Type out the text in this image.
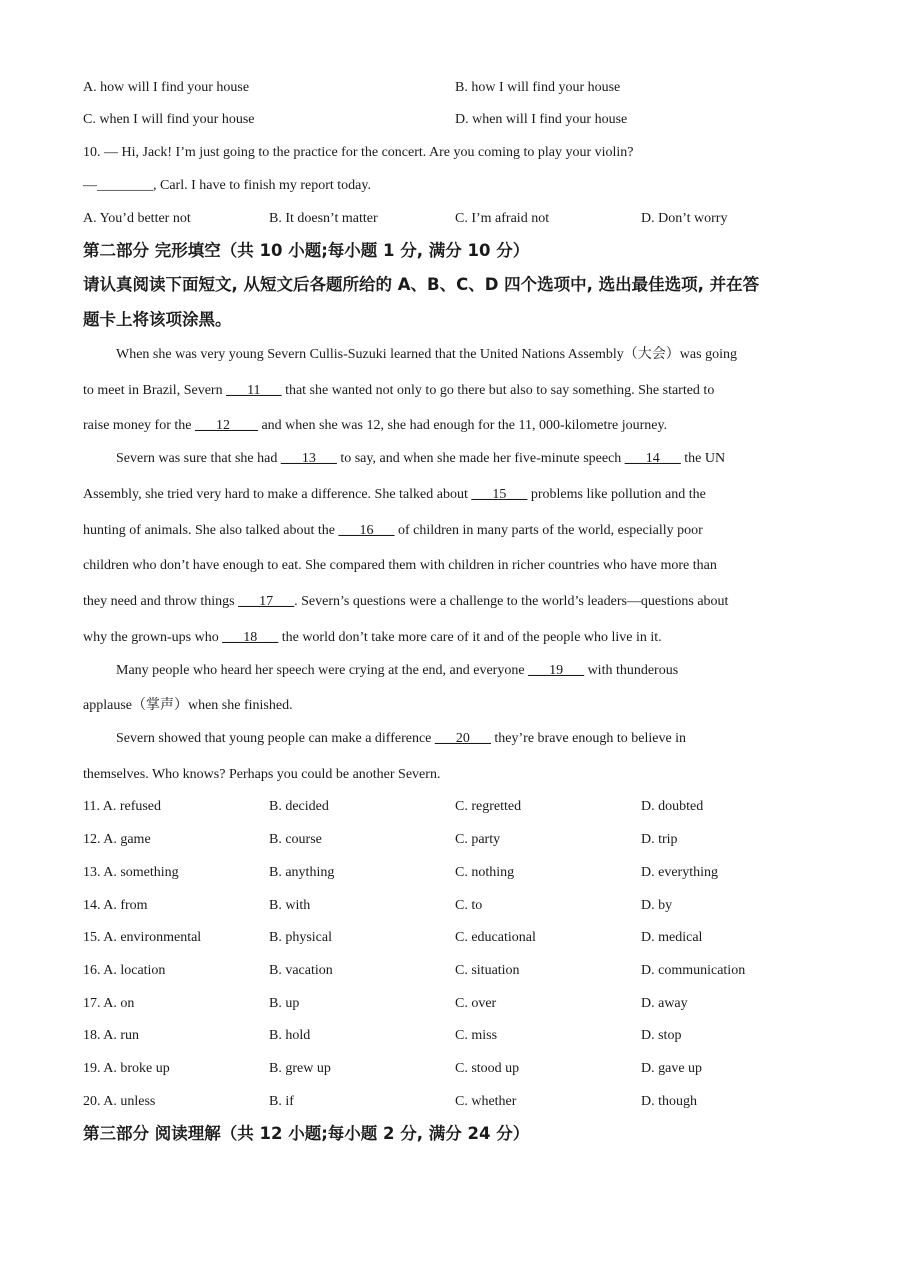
A. how will I find your house	B. how I will find your house
C. when I will find your house	D. when will I find your house
10. — Hi, Jack! I’m just going to the practice for the concert. Are you coming to play your violin?
—________, Carl. I have to finish my report today.
A. You’d better not	B. It doesn’t matter	C. I’m afraid not	D. Don’t worry
第二部分 完形填空（共 10 小题;每小题 1 分, 满分 10 分）
请认真阅读下面短文, 从短文后各题所给的 A、B、C、D 四个选项中, 选出最佳选项, 并在答
题卡上将该项涂黑。
When she was very young Severn Cullis-Suzuki learned that the United Nations Assembly（大会）was going
to meet in Brazil, Severn ___11___ that she wanted not only to go there but also to say something. She started to
raise money for the ___12____ and when she was 12, she had enough for the 11, 000-kilometre journey.
Severn was sure that she had ___13___ to say, and when she made her five-minute speech ___14___ the UN
Assembly, she tried very hard to make a difference. She talked about ___15___ problems like pollution and the
hunting of animals. She also talked about the ___16___ of children in many parts of the world, especially poor
children who don’t have enough to eat. She compared them with children in richer countries who have more than
they need and throw things ___17___. Severn’s questions were a challenge to the world’s leaders—questions about
why the grown-ups who ___18___ the world don’t take more care of it and of the people who live in it.
Many people who heard her speech were crying at the end, and everyone ___19___ with thunderous
applause（掌声）when she finished.
Severn showed that young people can make a difference ___20___ they’re brave enough to believe in
themselves. Who knows? Perhaps you could be another Severn.
11. A. refused	B. decided	C. regretted	D. doubted
12. A. game	B. course	C. party	D. trip
13. A. something	B. anything	C. nothing	D. everything
14. A. from	B. with	C. to	D. by
15. A. environmental	B. physical	C. educational	D. medical
16. A. location	B. vacation	C. situation	D. communication
17. A. on	B. up	C. over	D. away
18. A. run	B. hold	C. miss	D. stop
19. A. broke up	B. grew up	C. stood up	D. gave up
20. A. unless	B. if	C. whether	D. though
第三部分 阅读理解（共 12 小题;每小题 2 分, 满分 24 分）
